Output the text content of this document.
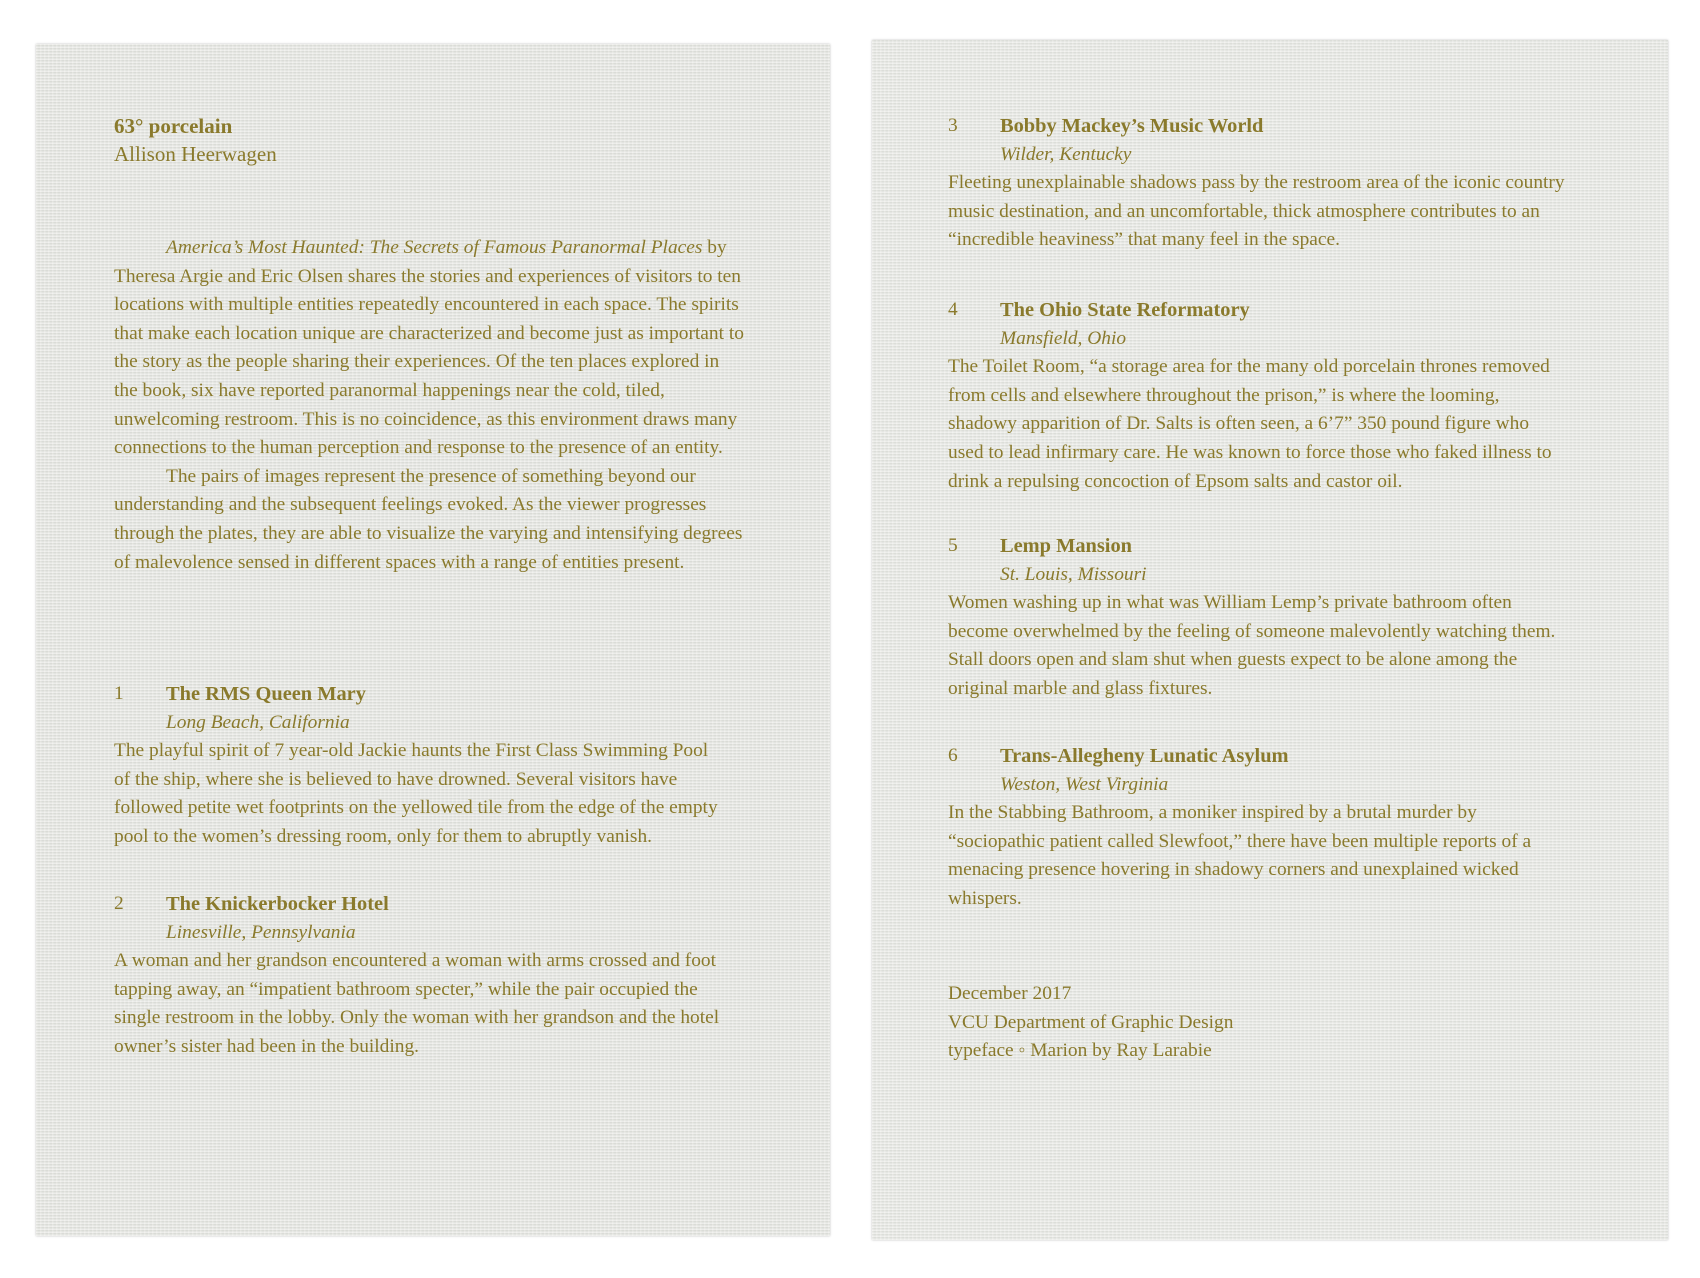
63° porcelain
Allison Heerwagen

America’s Most Haunted: The Secrets of Famous Paranormal Places by Theresa Argie and Eric Olsen shares the stories and experiences of visitors to ten locations with multiple entities repeatedly encountered in each space. The spirits that make each location unique are characterized and become just as important to the story as the people sharing their experiences. Of the ten places explored in the book, six have reported paranormal happenings near the cold, tiled, unwelcoming restroom. This is no coincidence, as this environment draws many connections to the human perception and response to the presence of an entity.

The pairs of images represent the presence of something beyond our understanding and the subsequent feelings evoked. As the viewer progresses through the plates, they are able to visualize the varying and intensifying degrees of malevolence sensed in different spaces with a range of entities present.

1 The RMS Queen Mary
Long Beach, California
The playful spirit of 7 year-old Jackie haunts the First Class Swimming Pool of the ship, where she is believed to have drowned. Several visitors have followed petite wet footprints on the yellowed tile from the edge of the empty pool to the women’s dressing room, only for them to abruptly vanish.
2 The Knickerbocker Hotel
Linesville, Pennsylvania
A woman and her grandson encountered a woman with arms crossed and foot tapping away, an “impatient bathroom specter,” while the pair occupied the single restroom in the lobby. Only the woman with her grandson and the hotel owner’s sister had been in the building.
3 Bobby Mackey’s Music World
Wilder, Kentucky
Fleeting unexplainable shadows pass by the restroom area of the iconic country music destination, and an uncomfortable, thick atmosphere contributes to an “incredible heaviness” that many feel in the space.
4 The Ohio State Reformatory
Mansfield, Ohio
The Toilet Room, “a storage area for the many old porcelain thrones removed from cells and elsewhere throughout the prison,” is where the looming, shadowy apparition of Dr. Salts is often seen, a 6’7” 350 pound figure who used to lead infirmary care. He was known to force those who faked illness to drink a repulsing concoction of Epsom salts and castor oil.
5 Lemp Mansion
St. Louis, Missouri
Women washing up in what was William Lemp’s private bathroom often become overwhelmed by the feeling of someone malevolently watching them. Stall doors open and slam shut when guests expect to be alone among the original marble and glass fixtures.
6 Trans-Allegheny Lunatic Asylum
Weston, West Virginia
In the Stabbing Bathroom, a moniker inspired by a brutal murder by “sociopathic patient called Slewfoot,” there have been multiple reports of a menacing presence hovering in shadowy corners and unexplained wicked whispers.
December 2017
VCU Department of Graphic Design
typeface ◦ Marion by Ray Larabie
